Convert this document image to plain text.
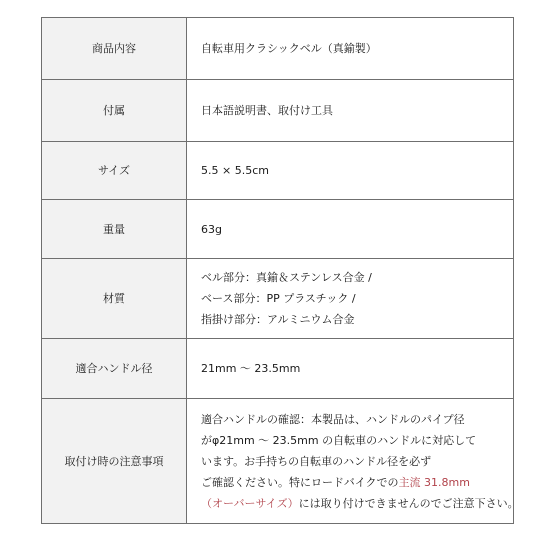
商品内容	自転車用クラシックベル（真鍮製）
付属	日本語説明書、取付け工具
サイズ	5.5 × 5.5cm
重量	63g
材質	ベル部分：真鍮＆ステンレス合金 /
ベース部分：PP プラスチック /
指掛け部分：アルミニウム合金

適合ハンドル径	21mm 〜 23.5mm
取付け時の注意事項	適合ハンドルの確認：本製品は、ハンドルのパイプ径
がφ21mm 〜 23.5mm の自転車のハンドルに対応して
います。お手持ちの自転車のハンドル径を必ず
ご確認ください。特にロードバイクでの主流 31.8mm
（オーバーサイズ）には取り付けできませんのでご注意下さい。
